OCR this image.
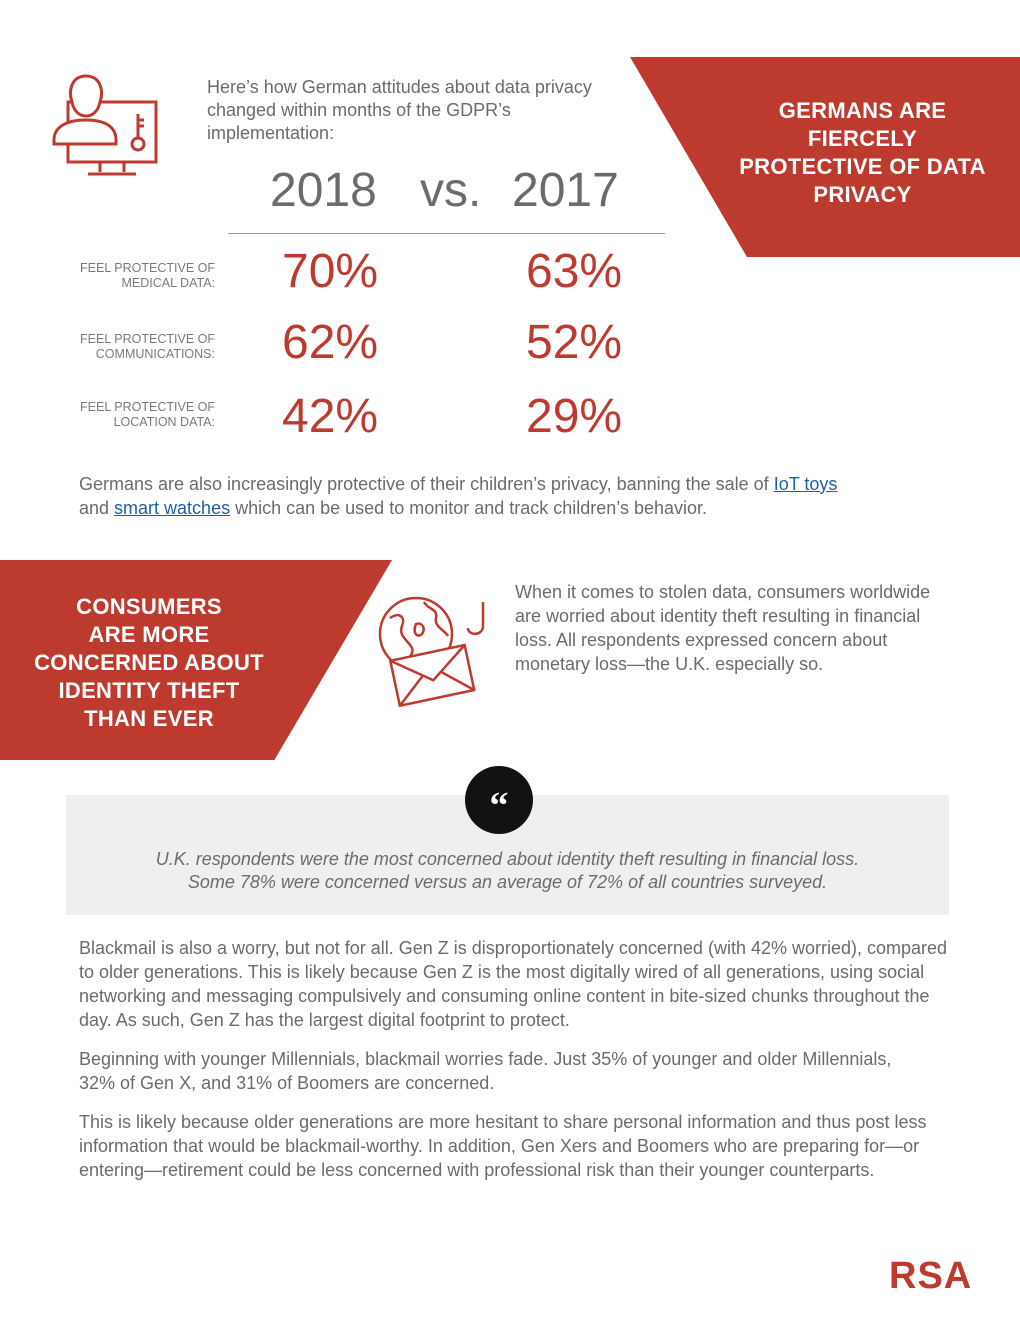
Here’s how German attitudes about data privacy changed within months of the GDPR’s implementation:
GERMANS ARE
FIERCELY
PROTECTIVE OF DATA
PRIVACY
2018 vs. 2017
FEEL PROTECTIVE OF
MEDICAL DATA: 70%	63%
FEEL PROTECTIVE OF
COMMUNICATIONS: 62%	52%
FEEL PROTECTIVE OF
LOCATION DATA: 42%	29%
Germans are also increasingly protective of their children’s privacy, banning the sale of IoT toys
and smart watches which can be used to monitor and track children’s behavior.
CONSUMERS
ARE MORE
CONCERNED ABOUT
IDENTITY THEFT
THAN EVER
When it comes to stolen data, consumers worldwide are worried about identity theft resulting in financial loss. All respondents expressed concern about monetary loss—the U.K. especially so.
“
U.K. respondents were the most concerned about identity theft resulting in financial loss.
Some 78% were concerned versus an average of 72% of all countries surveyed.
Blackmail is also a worry, but not for all. Gen Z is disproportionately concerned (with 42% worried), compared to older generations. This is likely because Gen Z is the most digitally wired of all generations, using social networking and messaging compulsively and consuming online content in bite-sized chunks throughout the day. As such, Gen Z has the largest digital footprint to protect.
Beginning with younger Millennials, blackmail worries fade. Just 35% of younger and older Millennials, 32% of Gen X, and 31% of Boomers are concerned.
This is likely because older generations are more hesitant to share personal information and thus post less information that would be blackmail-worthy. In addition, Gen Xers and Boomers who are preparing for—or entering—retirement could be less concerned with professional risk than their younger counterparts.
RSA
